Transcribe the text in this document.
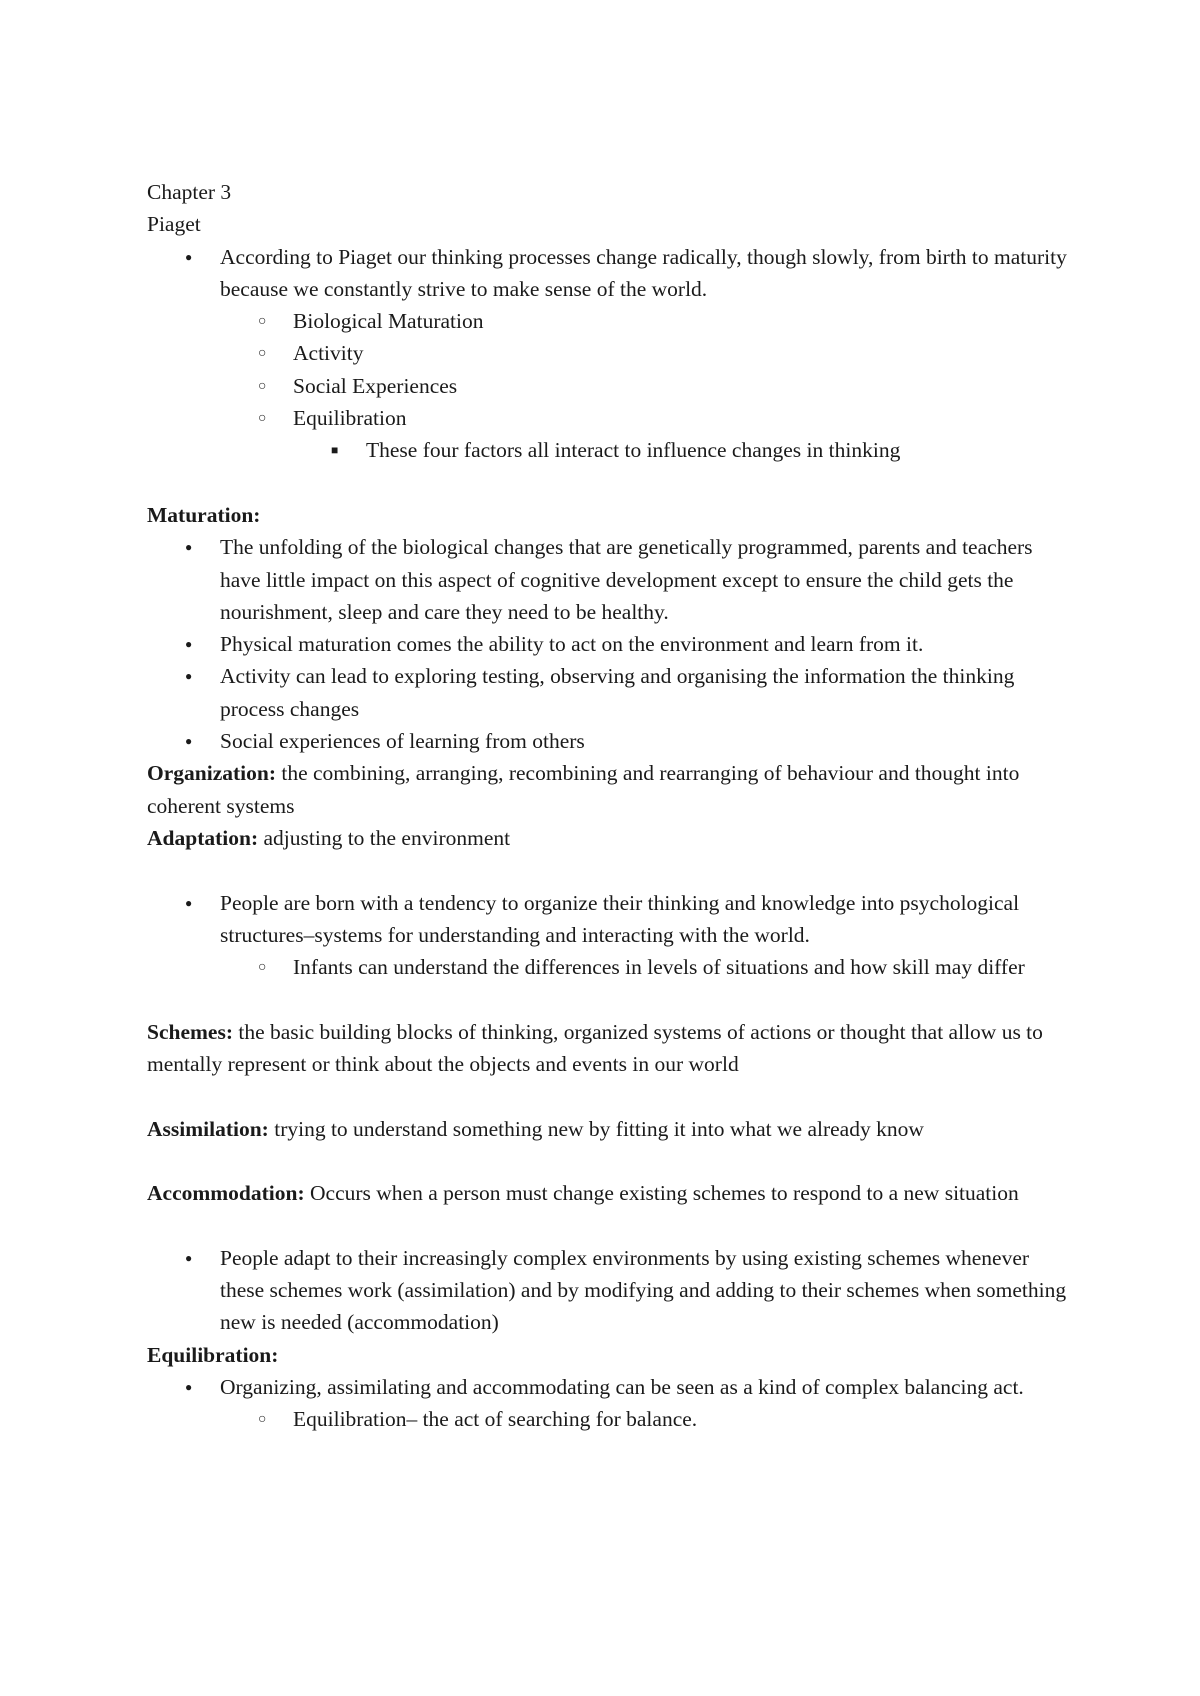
Chapter 3

Piaget

●
According to Piaget our thinking processes change radically, though slowly, from birth to maturity because we constantly strive to make sense of the world.
○
Biological Maturation
○
Activity
○
Social Experiences
○
Equilibration
■
These four factors all interact to influence changes in thinking

Maturation:

●
The unfolding of the biological changes that are genetically programmed, parents and teachers have little impact on this aspect of cognitive development except to ensure the child gets the nourishment, sleep and care they need to be healthy.
●
Physical maturation comes the ability to act on the environment and learn from it.
●
Activity can lead to exploring testing, observing and organising the information the thinking process changes
●
Social experiences of learning from others

Organization: the combining, arranging, recombining and rearranging of behaviour and thought into coherent systems

Adaptation: adjusting to the environment

●
People are born with a tendency to organize their thinking and knowledge into psychological structures–systems for understanding and interacting with the world.
○
Infants can understand the differences in levels of situations and how skill may differ

Schemes: the basic building blocks of thinking, organized systems of actions or thought that allow us to mentally represent or think about the objects and events in our world

Assimilation: trying to understand something new by fitting it into what we already know

Accommodation: Occurs when a person must change existing schemes to respond to a new situation

●
People adapt to their increasingly complex environments by using existing schemes whenever these schemes work (assimilation) and by modifying and adding to their schemes when something new is needed (accommodation)

Equilibration:

●
Organizing, assimilating and accommodating can be seen as a kind of complex balancing act.
○
Equilibration– the act of searching for balance.
